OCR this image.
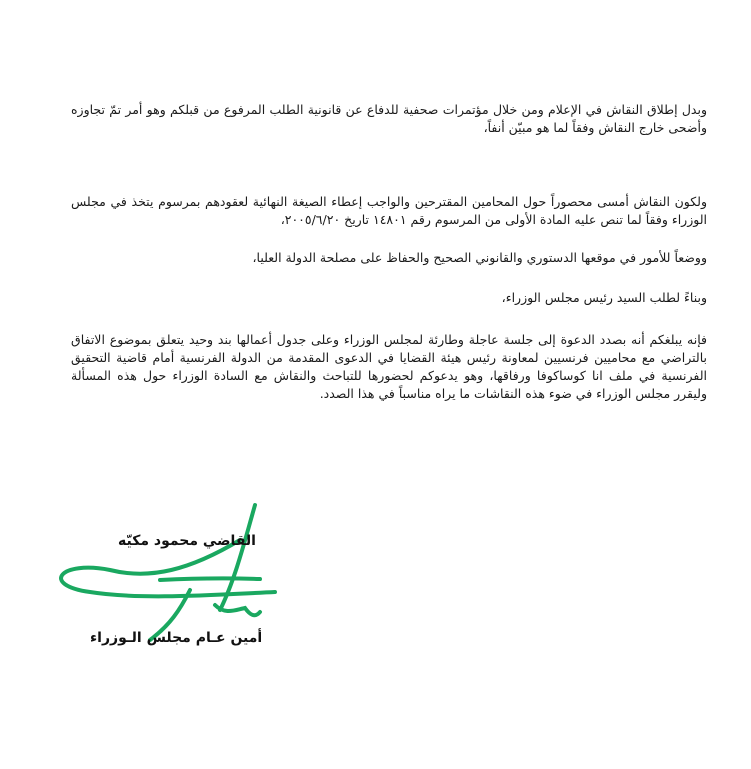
وبدل إطلاق النقاش في الإعلام ومن خلال مؤتمرات صحفية للدفاع عن قانونية الطلب المرفوع من قبلكم وهو أمر تمّ تجاوزه وأضحى خارج النقاش وفقاً لما هو مبيّن أنفاً،

ولكون النقاش أمسى محصوراً حول المحامين المقترحين والواجب إعطاء الصيغة النهائية لعقودهم بمرسوم يتخذ في مجلس الوزراء وفقاً لما تنص عليه المادة الأولى من المرسوم رقم ١٤٨٠١ تاريخ ٢٠٠٥/٦/٢٠،

ووضعاً للأمور في موقعها الدستوري والقانوني الصحيح والحفاظ على مصلحة الدولة العليا،

وبناءً لطلب السيد رئيس مجلس الوزراء،

فإنه يبلغكم أنه بصدد الدعوة إلى جلسة عاجلة وطارئة لمجلس الوزراء وعلى جدول أعمالها بند وحيد يتعلق بموضوع الاتفاق بالتراضي مع محاميين فرنسيين لمعاونة رئيس هيئة القضايا في الدعوى المقدمة من الدولة الفرنسية أمام قاضية التحقيق الفرنسية في ملف انا كوساكوفا ورفاقها، وهو يدعوكم لحضورها للتباحث والنقاش مع السادة الوزراء حول هذه المسألة وليقرر مجلس الوزراء في ضوء هذه النقاشات ما يراه مناسباً في هذا الصدد.

القاضي محمود مكيّه
أمين عـام مجلس الـوزراء
